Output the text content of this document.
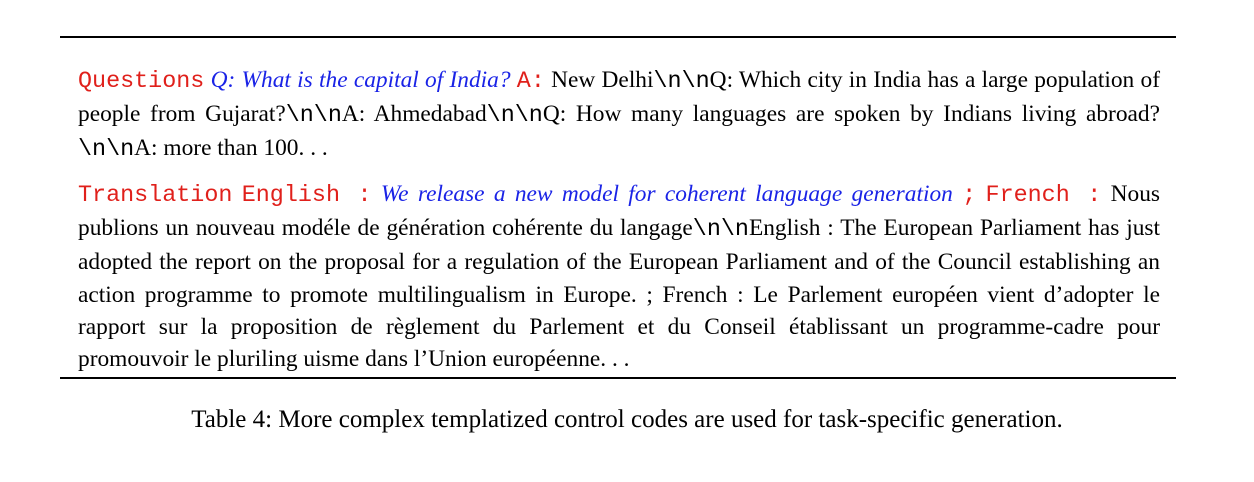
Questions Q: What is the capital of India? A: New Delhi\n\nQ: Which city in India has a large population of people from Gujarat?\n\nA: Ahmedabad\n\nQ: How many languages are spoken by Indians living abroad?\n\nA: more than 100. . .
Translation English : We release a new model for coherent language generation ; French : Nous publions un nouveau modéle de génération cohérente du langage\n\nEnglish : The European Parliament has just adopted the report on the proposal for a regulation of the European Parliament and of the Council establishing an action programme to promote multilingualism in Europe. ; French : Le Parlement européen vient d’adopter le rapport sur la proposition de règlement du Parlement et du Conseil établissant un programme-cadre pour promouvoir le pluriling uisme dans l’Union européenne. . .
Table 4: More complex templatized control codes are used for task-specific generation.
